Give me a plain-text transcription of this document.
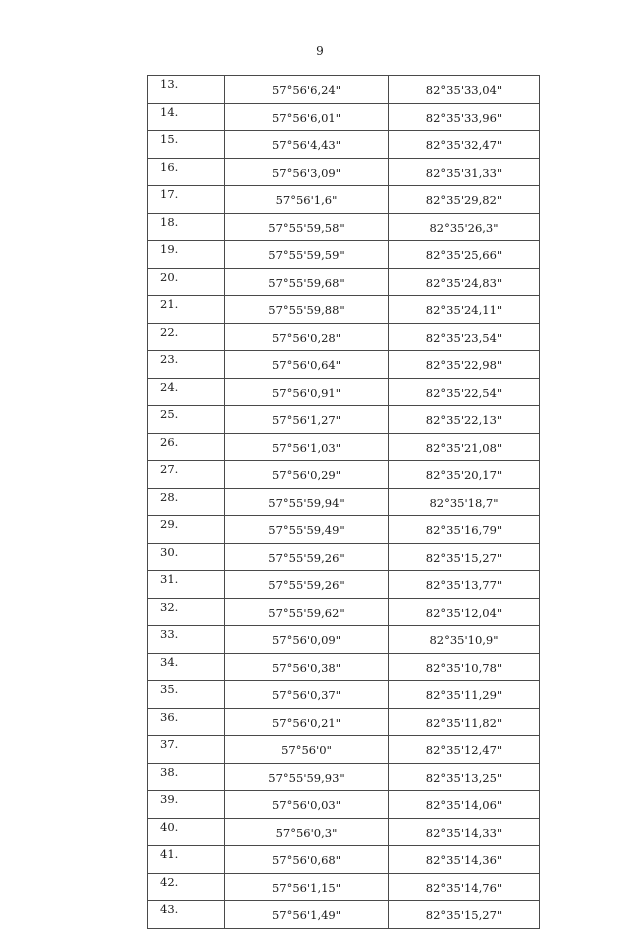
9
13.	57°56'6,24"	82°35'33,04"
14.	57°56'6,01"	82°35'33,96"
15.	57°56'4,43"	82°35'32,47"
16.	57°56'3,09"	82°35'31,33"
17.	57°56'1,6"	82°35'29,82"
18.	57°55'59,58"	82°35'26,3"
19.	57°55'59,59"	82°35'25,66"
20.	57°55'59,68"	82°35'24,83"
21.	57°55'59,88"	82°35'24,11"
22.	57°56'0,28"	82°35'23,54"
23.	57°56'0,64"	82°35'22,98"
24.	57°56'0,91"	82°35'22,54"
25.	57°56'1,27"	82°35'22,13"
26.	57°56'1,03"	82°35'21,08"
27.	57°56'0,29"	82°35'20,17"
28.	57°55'59,94"	82°35'18,7"
29.	57°55'59,49"	82°35'16,79"
30.	57°55'59,26"	82°35'15,27"
31.	57°55'59,26"	82°35'13,77"
32.	57°55'59,62"	82°35'12,04"
33.	57°56'0,09"	82°35'10,9"
34.	57°56'0,38"	82°35'10,78"
35.	57°56'0,37"	82°35'11,29"
36.	57°56'0,21"	82°35'11,82"
37.	57°56'0"	82°35'12,47"
38.	57°55'59,93"	82°35'13,25"
39.	57°56'0,03"	82°35'14,06"
40.	57°56'0,3"	82°35'14,33"
41.	57°56'0,68"	82°35'14,36"
42.	57°56'1,15"	82°35'14,76"
43.	57°56'1,49"	82°35'15,27"
